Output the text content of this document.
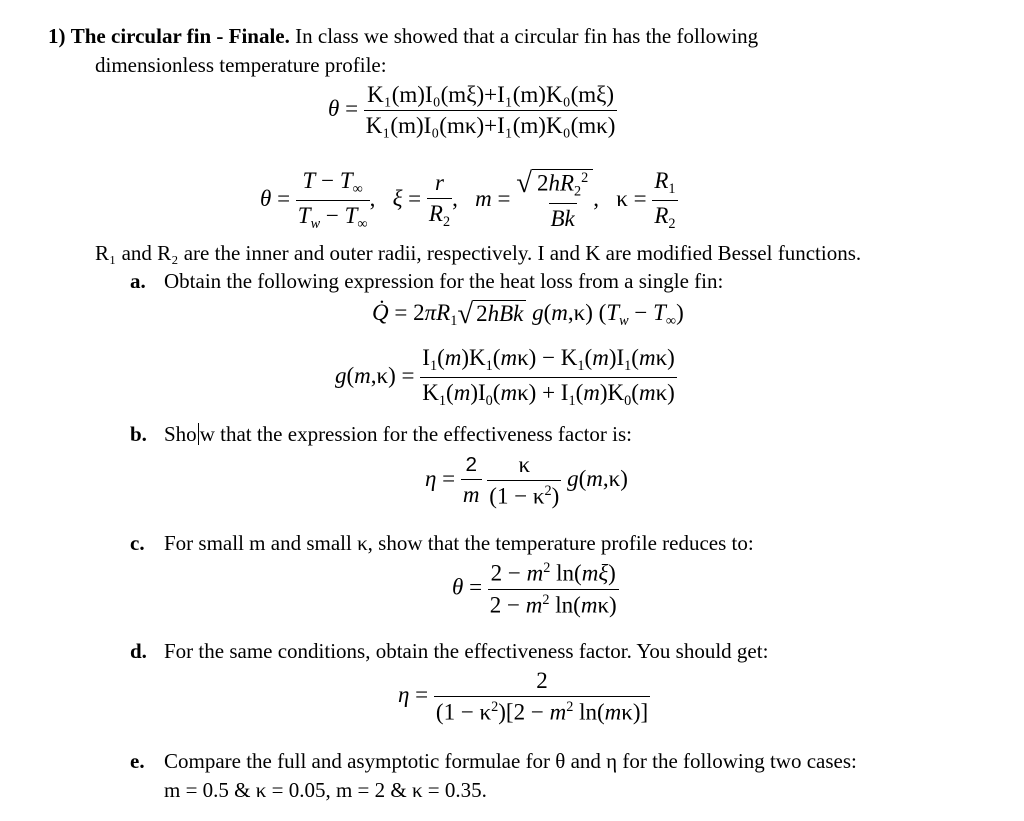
1) The circular fin - Finale. In class we showed that a circular fin has the following
dimensionless temperature profile:
$\theta = \frac{\text{K₁(m)I₀(mξ)+I₁(m)K₀(mξ)}}{\text{K₁(m)I₀(mκ)+I₁(m)K₀(mκ)}}$
$\theta = \frac{T - T_\infty}{T_w - T_\infty}$ ,   $\xi = \frac{r}{R_2}$ ,   m = √ $\frac{2hR_2^2}{Bk}$ ,   $\kappa = \frac{R_1}{R_2}$
R₁ and R₂ are the inner and outer radii, respectively. I and K are modified Bessel functions.
a. Obtain the following expression for the heat loss from a single fin:
Q̇ = $2\pi R_1$ √ 2hBk g(m,κ) $(T_w - T_\infty)$
$g(m,\kappa) = \frac{I_1(m)K_1(m\kappa) - K_1(m)I_1(m\kappa)}{K_1(m)I_0(m\kappa) + I_1(m)K_0(m\kappa)}$
b. Sho w that the expression for the effectiveness factor is:
$\eta = \frac{2}{m}$
$\frac{\kappa}{(1 - \kappa^2)} g(m,\kappa)$
c. For small m and small κ, show that the temperature profile reduces to:
$\theta = \frac{2 - m^2 \ln(m\xi)}{2 - m^2 \ln(m\kappa)}$
d. For the same conditions, obtain the effectiveness factor. You should get:
$\eta = \frac{2}{(1 - \kappa^2)[2 - m^2 \ln(m\kappa)]}$
e. Compare the full and asymptotic formulae for θ and η for the following two cases:
m = 0.5 & κ = 0.05, m = 2 & κ = 0.35.
